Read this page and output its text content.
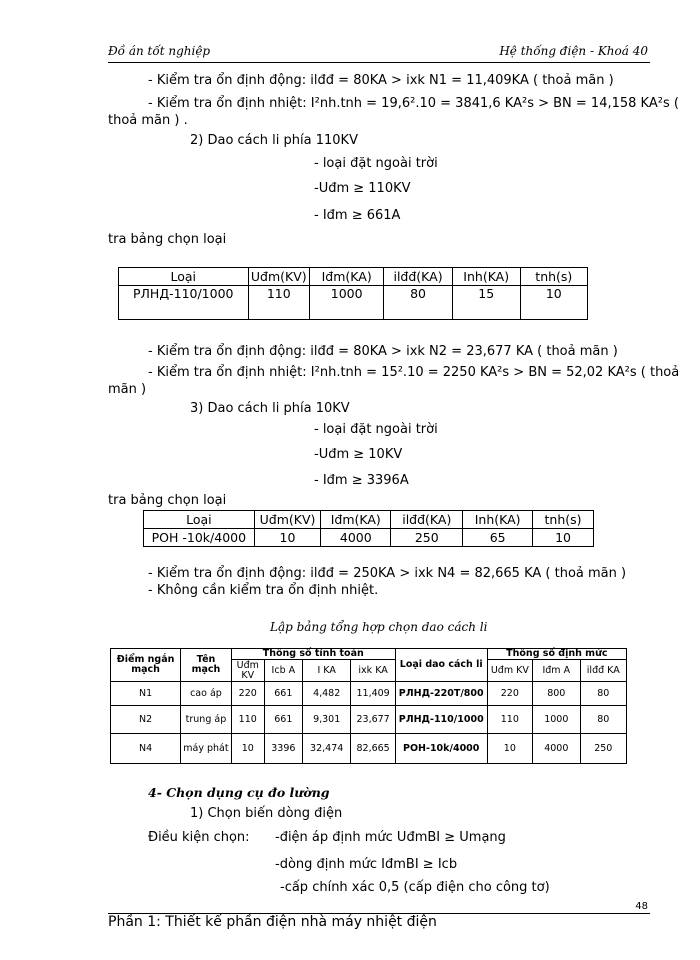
Đồ án tốt nghiệp	Hệ thống điện - Khoá 40
- Kiểm tra ổn định động: ilđđ = 80KA > ixk N1 = 11,409KA ( thoả mãn )
- Kiểm tra ổn định nhiệt: I²nh.tnh = 19,6².10 = 3841,6 KA²s > BN = 14,158 KA²s (
thoả mãn ) .
2) Dao cách li phía 110KV
- loại đặt ngoài trời
-Uđm ≥ 110KV
- Iđm ≥ 661A
tra bảng chọn loại
Loại	Uđm(KV)	Iđm(KA)	ilđđ(KA)	Inh(KA)	tnh(s)
РЛНД-110/1000	110	1000	80	15	10
- Kiểm tra ổn định động: ilđđ = 80KA > ixk N2 = 23,677 KA ( thoả mãn )
- Kiểm tra ổn định nhiệt: I²nh.tnh = 15².10 = 2250 KA²s > BN = 52,02 KA²s ( thoả
mãn )
3) Dao cách li phía 10KV
- loại đặt ngoài trời
-Uđm ≥ 10KV
- Iđm ≥ 3396A
tra bảng chọn loại
Loại	Uđm(KV)	Iđm(KA)	ilđđ(KA)	Inh(KA)	tnh(s)
POH -10k/4000	10	4000	250	65	10
- Kiểm tra ổn định động: ilđđ = 250KA > ixk N4 = 82,665 KA ( thoả mãn )
- Không cần kiểm tra ổn định nhiệt.
Lập bảng tổng hợp chọn dao cách li
Điểm ngắn mạch	Tên mạch	Thông số tính toán				Loại dao cách li	Thông số định mức		
		Uđm KV	Icb A	I KA	ixk KA		Uđm KV	Iđm A	ilđđ KA
N1	cao áp	220	661	4,482	11,409	РЛНД-220T/800	220	800	80
N2	trung áp	110	661	9,301	23,677	РЛНД-110/1000	110	1000	80
N4	máy phát	10	3396	32,474	82,665	POH-10k/4000	10	4000	250
4- Chọn dụng cụ đo lường
1) Chọn biến dòng điện
Điều kiện chọn: -điện áp định mức UđmBI ≥ Umạng
-dòng định mức IđmBI ≥ Icb
-cấp chính xác 0,5 (cấp điện cho công tơ)
48
Phần 1: Thiết kế phần điện nhà máy nhiệt điện
